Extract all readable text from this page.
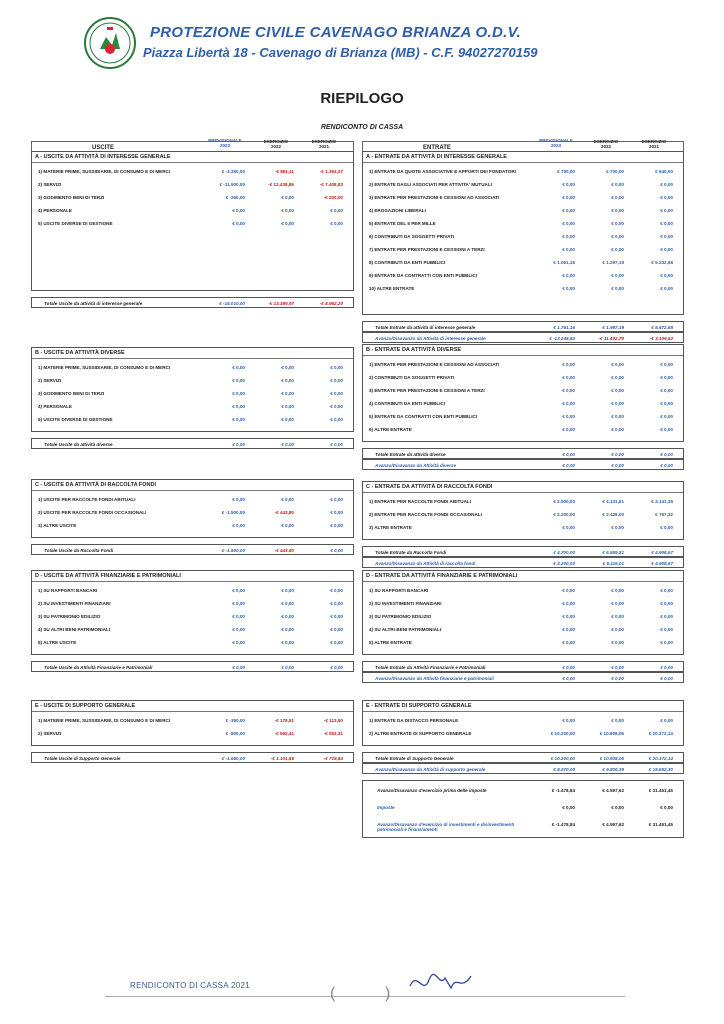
PROTEZIONE CIVILE CAVENAGO BRIANZA O.D.V.
Piazza Libertà 18 - Cavenago di Brianza (MB) - C.F. 94027270159
RIEPILOGO
RENDICONTO DI CASSA
USCITE
PREVISIONALE
2023
ESERCIZIO
2022
ESERCIZIO
2021	ENTRATE
PREVISIONALE
2023
ESERCIZIO
2022
ESERCIZIO
2021
A - USCITE DA ATTIVITÀ DI INTERESSE GENERALE
1) MATERIE PRIME, SUSSIDIARIE, DI CONSUMO E DI MERCI	€ -3.250,00	-€ 861,11	-€ 1.353,37
2) SERVIZI	€ -11.500,00	-€ 12.438,86	-€ 7.408,83
3) GODIMENTO BENI DI TERZI	€ -260,00	€ 0,00	-€ 200,00
4) PERSONALE	€ 0,00	€ 0,00	€ 0,00
5) USCITE DIVERSE DI GESTIONE	€ 0,00	€ 0,00	€ 0,00
Totale Uscite da attività di interesse generale	€ -15.010,00	-€ 13.399,97	-€ 8.962,20
B - USCITE DA ATTIVITÀ DIVERSE
1) MATERIE PRIME, SUSSIDIARIE, DI CONSUMO E DI MERCI	€ 0,00	€ 0,00	€ 0,00
2) SERVIZI	€ 0,00	€ 0,00	€ 0,00
3) GODIMENTO BENI DI TERZI	€ 0,00	€ 0,00	€ 0,00
4) PERSONALE	€ 0,00	€ 0,00	€ 0,00
5) USCITE DIVERSE DI GESTIONE	€ 0,00	€ 0,00	€ 0,00
Totale Uscite da attività diverse	€ 0,00	€ 0,00	€ 0,00
C - USCITE DA ATTIVITÀ DI RACCOLTA FONDI
1) USCITE PER RACCOLTE FONDI ABITUALI	€ 0,00	€ 0,00	€ 0,00
2) USCITE PER RACCOLTE FONDI OCCASIONALI	€ -1.500,00	-€ 443,80	€ 0,00
3) ALTRE USCITE	€ 0,00	€ 0,00	€ 0,00
Totale Uscite da Raccolta Fondi	€ -1.500,00	-€ 443,80	€ 0,00
D - USCITE DA ATTIVITÀ FINANZIARIE E PATRIMONIALI
1) SU RAPPORTI BANCARI	€ 0,00	€ 0,00	€ 0,00
2) SU INVESTIMENTI FINANZIARI	€ 0,00	€ 0,00	€ 0,00
3) SU PATRIMONIO EDILIZIO	€ 0,00	€ 0,00	€ 0,00
4) SU ALTRI BENI PATRIMONIALI	€ 0,00	€ 0,00	€ 0,00
5) ALTRE USCITE	€ 0,00	€ 0,00	€ 0,00
Totale Uscite da Attività Finanziarie e Patrimoniali	€ 0,00	€ 0,00	€ 0,00
E - USCITE DI SUPPORTO GENERALE
1) MATERIE PRIME, SUSSIDIARIE, DI CONSUMO E DI MERCI	€ -350,00	-€ 178,51	-€ 113,50
2) SERVIZI	€ -800,00	-€ 592,41	-€ 263,31
Totale Uscite di Supporto Generale	€ -1.650,00	-€ 1.101,86	-€ 719,84
A - ENTRATE DA ATTIVITÀ DI INTERESSE GENERALE
1) ENTRATE DA QUOTE ASSOCIATIVE E APPORTI DEI FONDATORI	€ 700,00	€ 700,00	€ 640,00
2) ENTRATE DAGLI ASSOCIATI PER ATTIVITA' MUTUALI	€ 0,00	€ 0,00	€ 0,00
3) ENTRATE PER PRESTAZIONI E CESSIONI AD ASSOCIATI	€ 0,00	€ 0,00	€ 0,00
4) EROGAZIONI LIBERALI	€ 0,00	€ 0,00	€ 0,00
5) ENTRATE DEL 5 PER MILLE	€ 0,00	€ 0,00	€ 0,00
6) CONTRIBUTI DA SOGGETTI PRIVATI	€ 0,00	€ 0,00	€ 0,00
7) ENTRATE PER PRESTAZIONI E CESSIONI A TERZI	€ 0,00	€ 0,00	€ 0,00
8) CONTRIBUTI DA ENTI PUBBLICI	€ 1.061,16	€ 1.297,19	€ 5.232,68
9) ENTRATE DA CONTRATTI CON ENTI PUBBLICI	€ 0,00	€ 0,00	€ 0,00
10) ALTRE ENTRATE	€ 0,00	€ 0,00	€ 0,00
Totale Entrate da attività di interesse generale	€ 1.761,16	€ 1.997,19	€ 5.872,68
Avanzo/Disavanzo da Attività di interesse generale	€ -13.248,84	-€ 11.402,78	-€ 3.109,52
B - ENTRATE DA ATTIVITÀ DIVERSE
1) ENTRATE PER PRESTAZIONI E CESSIONI AD ASSOCIATI	€ 0,00	€ 0,00	€ 0,00
2) CONTRIBUTI DA SOGGETTI PRIVATI	€ 0,00	€ 0,00	€ 0,00
3) ENTRATE PER PRESTAZIONI E CESSIONI A TERZI	€ 0,00	€ 0,00	€ 0,00
4) CONTRIBUTI DA ENTI PUBBLICI	€ 0,00	€ 0,00	€ 0,00
5) ENTRATE DA CONTRATTI CON ENTI PUBBLICI	€ 0,00	€ 0,00	€ 0,00
6) ALTRE ENTRATE	€ 0,00	€ 0,00	€ 0,00
Totale Entrate da attività diverse	€ 0,00	€ 0,00	€ 0,00
Avanzo/Disavanzo da Attività diverse	€ 0,00	€ 0,00	€ 0,00
C - ENTRATE DA ATTIVITÀ DI RACCOLTA FONDI
1) ENTRATE PER RACCOLTE FONDI ABITUALI	€ 2.500,00	€ 4.131,81	€ 4.141,35
2) ENTRATE PER RACCOLTE FONDI OCCASIONALI	€ 2.200,00	€ 2.428,00	€ 767,32
3) ALTRE ENTRATE	€ 0,00	€ 0,00	€ 0,00
Totale Entrate da Raccolta Fondi	€ 4.700,00	€ 6.559,81	€ 4.908,67
Avanzo/Disavanzo da Attività di raccolta fondi	€ 3.200,00	€ 6.116,01	€ 4.908,67
D - ENTRATE DA ATTIVITÀ FINANZIARIE E PATRIMONIALI
1) SU RAPPORTI BANCARI	€ 0,00	€ 0,00	€ 0,00
2) SU INVESTIMENTI FINANZIARI	€ 0,00	€ 0,00	€ 0,00
3) SU PATRIMONIO EDILIZIO	€ 0,00	€ 0,00	€ 0,00
4) SU ALTRI BENI PATRIMONIALI	€ 0,00	€ 0,00	€ 0,00
5) ALTRE ENTRATE	€ 0,00	€ 0,00	€ 0,00
Totale Entrate da Attività Finanziarie e Patrimoniali	€ 0,00	€ 0,00	€ 0,00
Avanzo/Disavanzo da Attività finanziarie e patrimoniali	€ 0,00	€ 0,00	€ 0,00
E - ENTRATE DI SUPPORTO GENERALE
1) ENTRATE DA DISTACCO PERSONALE	€ 0,00	€ 0,00	€ 0,00
2) ALTRE ENTRATE DI SUPPORTO GENERALE	€ 10.200,00	€ 10.908,05	€ 20.372,14
Totale Entrate di Supporto Generale	€ 10.200,00	€ 10.908,05	€ 20.372,14
Avanzo/Disavanzo da Attività di supporto generale	€ 8.570,00	€ 9.806,39	€ 19.652,30
Avanzo/Disavanzo d'esercizio prima delle imposte	€ -1.478,84	€ 4.597,62	€ 31.451,45
Imposte	€ 0,00	€ 0,00	€ 0,00
Avanzo/Disavanzo d'esercizio di investimenti e disinvestimenti patrimoniali e finanziamenti
€ -1.478,84	€ 4.597,62	€ 31.451,45
RENDICONTO DI CASSA 2021	(	)
